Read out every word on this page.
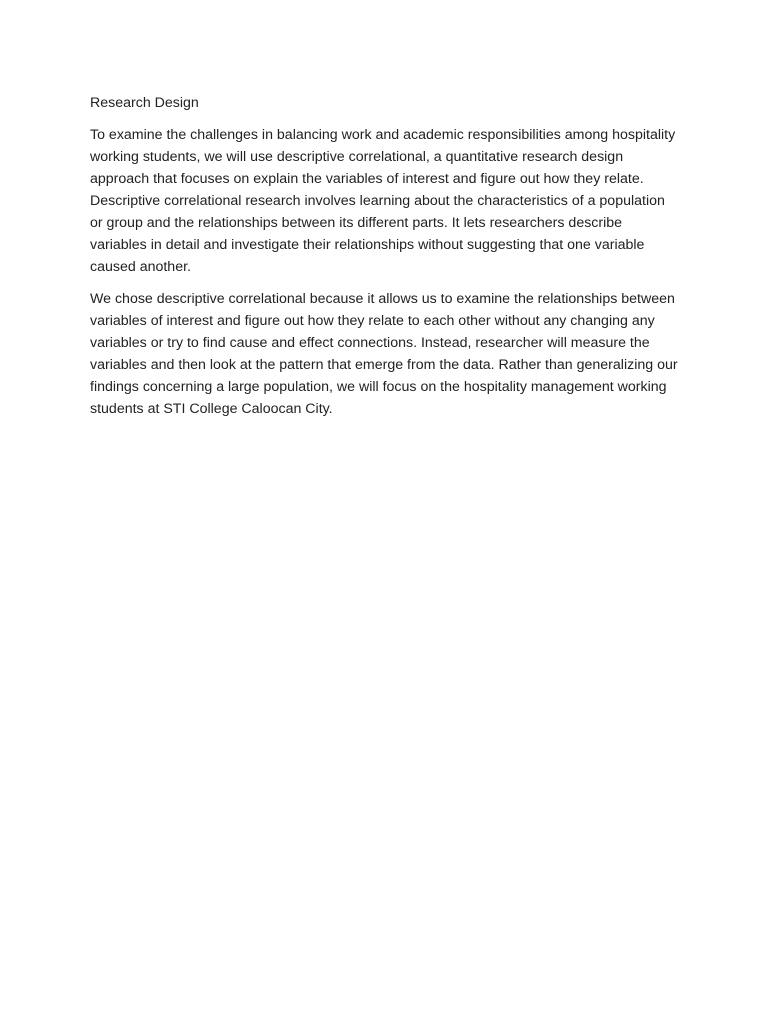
Research Design

To examine the challenges in balancing work and academic responsibilities among hospitality working students, we will use descriptive correlational, a quantitative research design approach that focuses on explain the variables of interest and figure out how they relate. Descriptive correlational research involves learning about the characteristics of a population or group and the relationships between its different parts. It lets researchers describe variables in detail and investigate their relationships without suggesting that one variable caused another.

We chose descriptive correlational because it allows us to examine the relationships between variables of interest and figure out how they relate to each other without any changing any variables or try to find cause and effect connections. Instead, researcher will measure the variables and then look at the pattern that emerge from the data. Rather than generalizing our findings concerning a large population, we will focus on the hospitality management working students at STI College Caloocan City.
